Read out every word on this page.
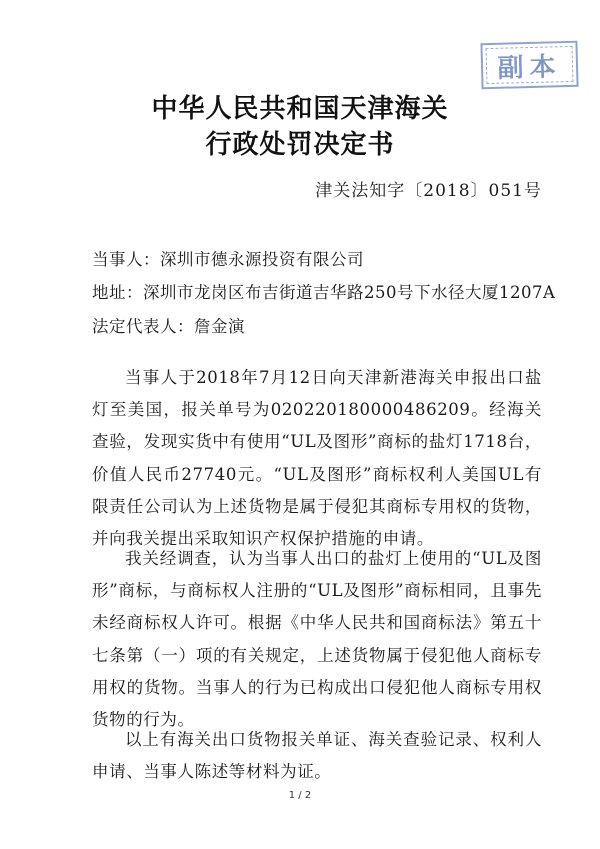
副本
中华人民共和国天津海关
行政处罚决定书
津关法知字〔2018〕051号
当事人：深圳市德永源投资有限公司
地址：深圳市龙岗区布吉街道吉华路250号下水径大厦1207A
法定代表人：詹金演
当事人于2018年7月12日向天津新港海关申报出口盐灯至美国，报关单号为020220180000486209。经海关查验，发现实货中有使用“UL及图形”商标的盐灯1718台，价值人民币27740元。“UL及图形”商标权利人美国UL有限责任公司认为上述货物是属于侵犯其商标专用权的货物，并向我关提出采取知识产权保护措施的申请。
我关经调查，认为当事人出口的盐灯上使用的“UL及图形”商标，与商标权人注册的“UL及图形”商标相同，且事先未经商标权人许可。根据《中华人民共和国商标法》第五十七条第（一）项的有关规定，上述货物属于侵犯他人商标专用权的货物。当事人的行为已构成出口侵犯他人商标专用权货物的行为。
以上有海关出口货物报关单证、海关查验记录、权利人申请、当事人陈述等材料为证。
1 / 2
